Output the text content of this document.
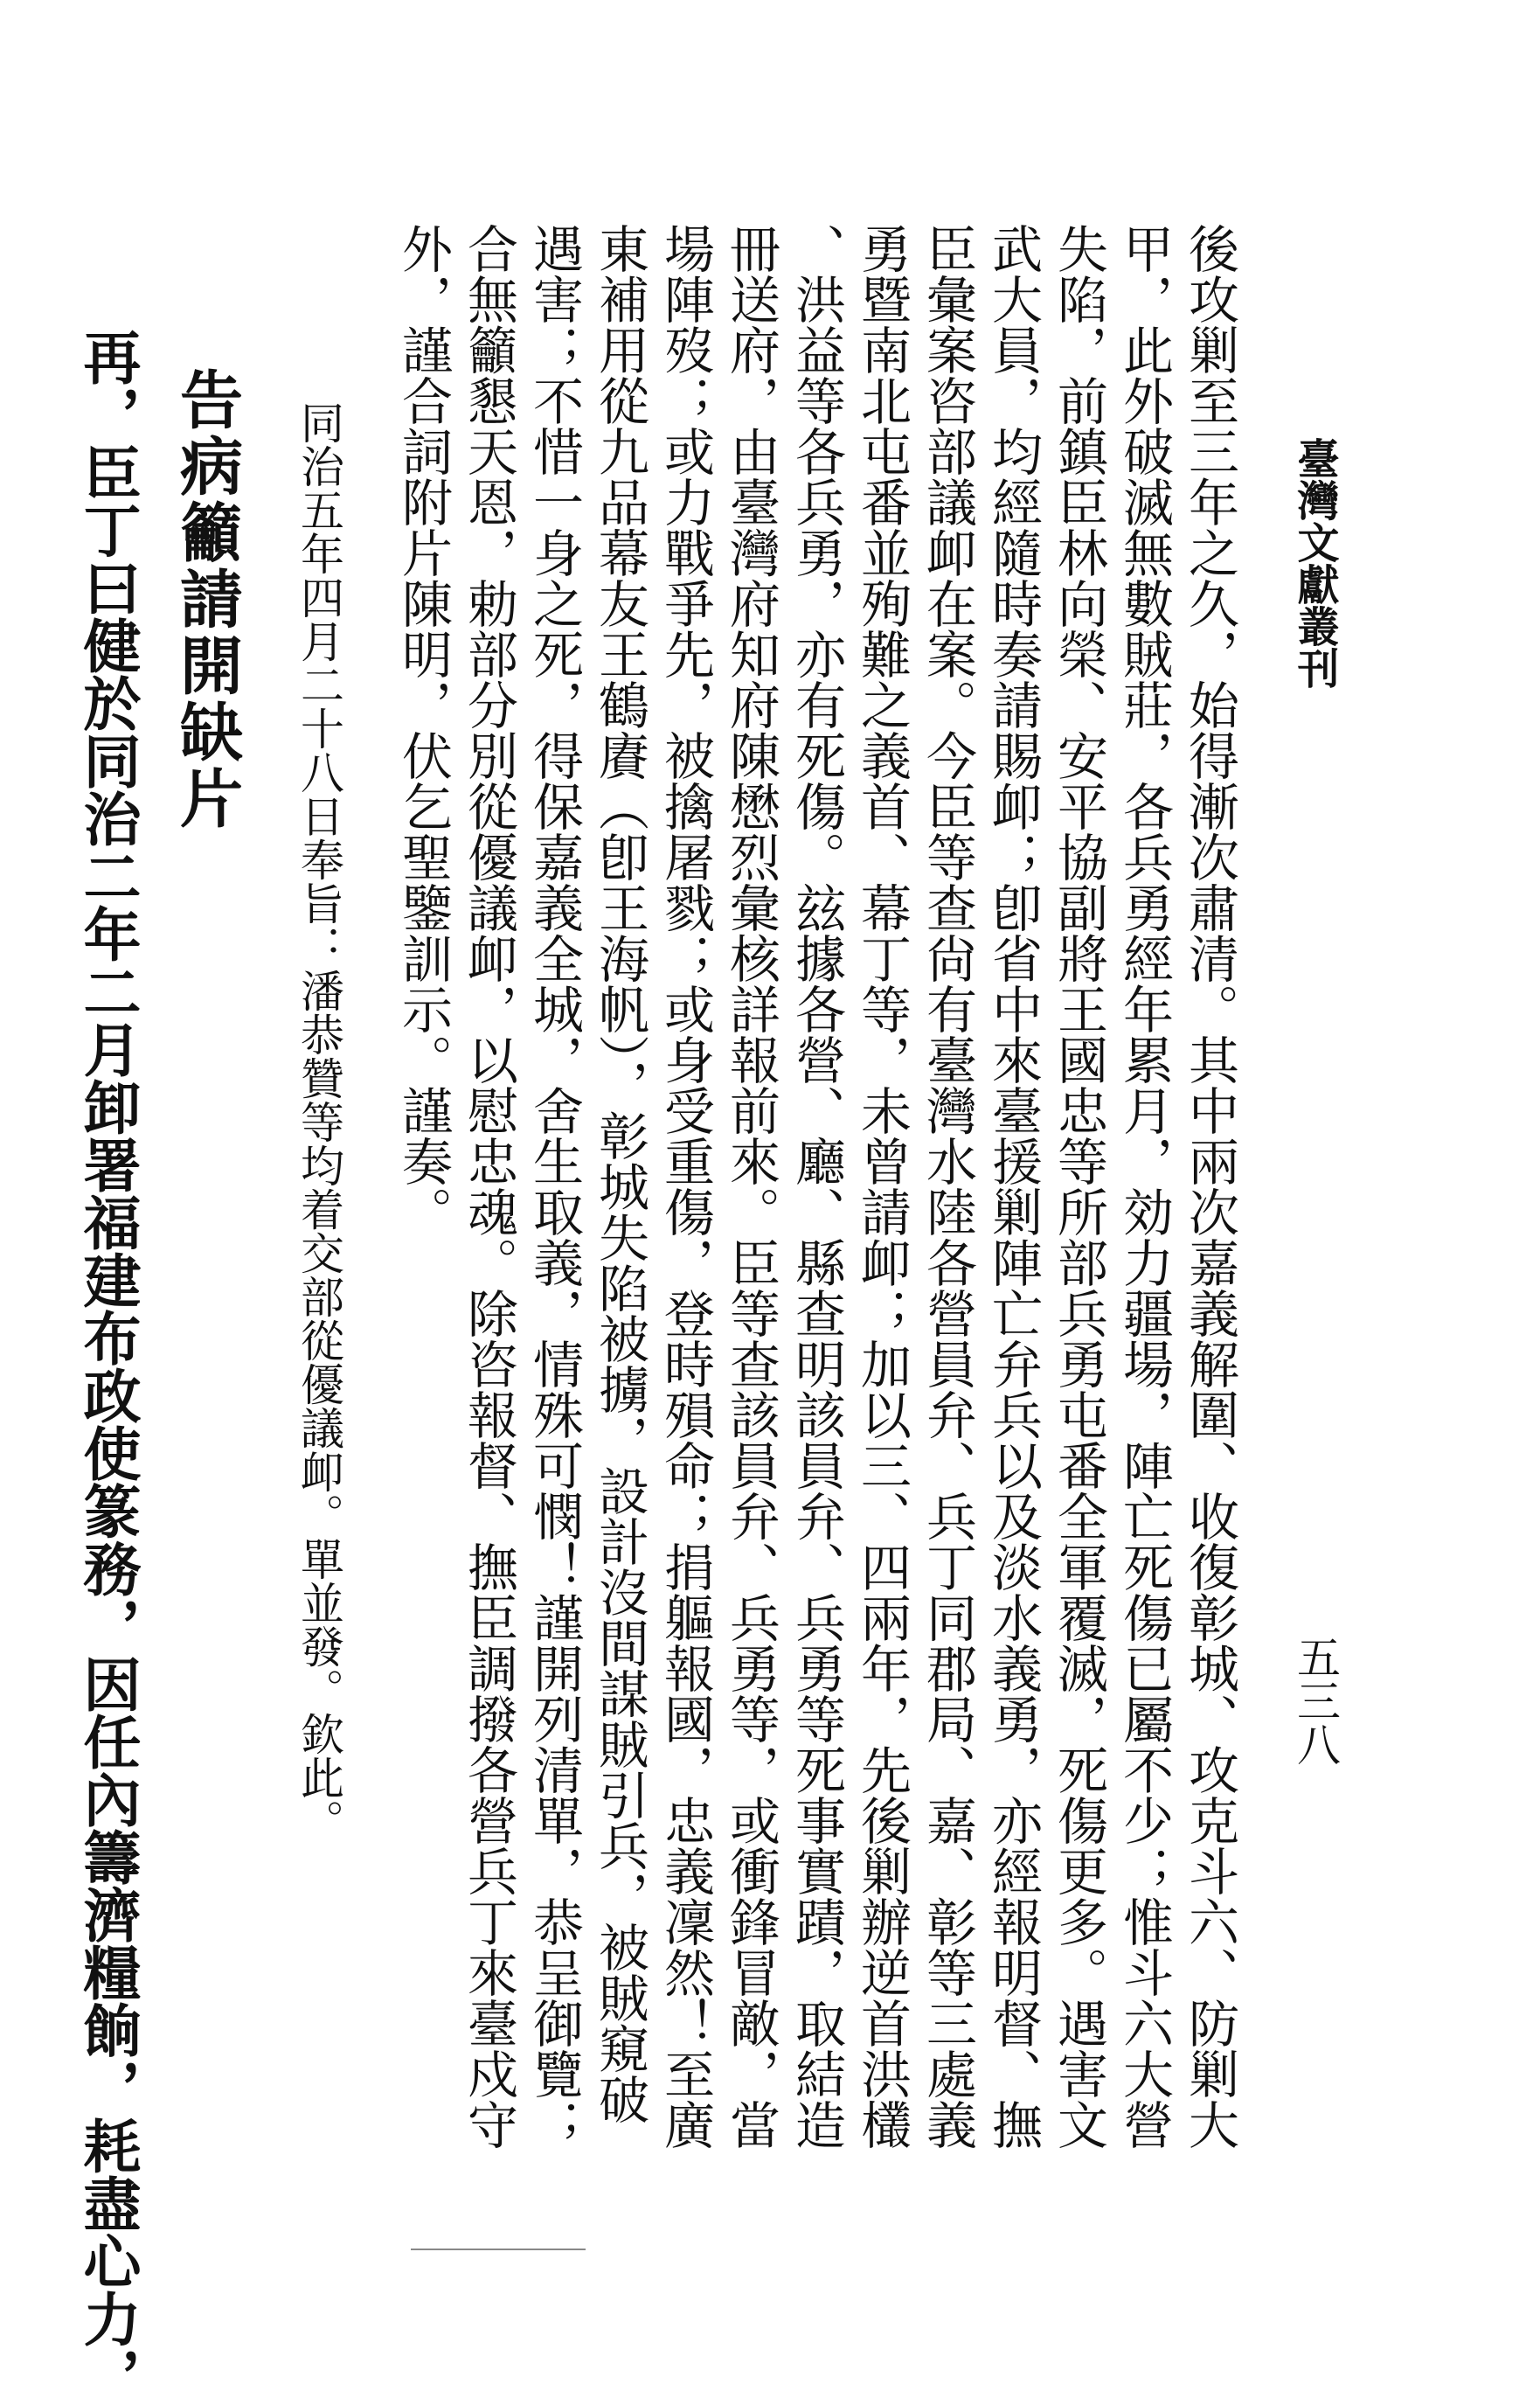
臺灣文獻叢刊
五三八
後攻剿至三年之久，始得漸次肅清。其中兩次嘉義解圍、收復彰城、攻克斗六、防剿大
甲，此外破滅無數賊莊，各兵勇經年累月，効力疆場，陣亡死傷已屬不少；惟斗六大營
失陷，前鎮臣林向榮、安平協副將王國忠等所部兵勇屯番全軍覆滅，死傷更多。遇害文
武大員，均經隨時奏請賜卹；卽省中來臺援剿陣亡弁兵以及淡水義勇，亦經報明督、撫
臣彙案咨部議卹在案。今臣等查尙有臺灣水陸各營員弁、兵丁同郡局、嘉、彰等三處義
勇暨南北屯番並殉難之義首、幕丁等，未曾請卹；加以三、四兩年，先後剿辦逆首洪欉
、洪益等各兵勇，亦有死傷。玆據各營、廳、縣查明該員弁、兵勇等死事實蹟，取結造
冊送府，由臺灣府知府陳懋烈彙核詳報前來。臣等查該員弁、兵勇等，或衝鋒冒敵，當
場陣歿；或力戰爭先，被擒屠戮；或身受重傷，登時殞命；捐軀報國，忠義凜然！至廣
東補用從九品幕友王鶴賡（卽王海帆），彰城失陷被擄，設計沒間謀賊引兵，被賊窺破
遇害；不惜一身之死，得保嘉義全城，舍生取義，情殊可憫！謹開列清單，恭呈御覽；
合無籲懇天恩，勅部分別從優議卹，以慰忠魂。除咨報督、撫臣調撥各營兵丁來臺戍守
外，謹合詞附片陳明，伏乞聖鑒訓示。謹奏。
同治五年四月二十八日奉旨：潘恭贊等均着交部從優議卹。單並發。欽此。
告病籲請開缺片
再，臣丁曰健於同治二年二月卸署福建布政使篆務，因任內籌濟糧餉，耗盡心力，
